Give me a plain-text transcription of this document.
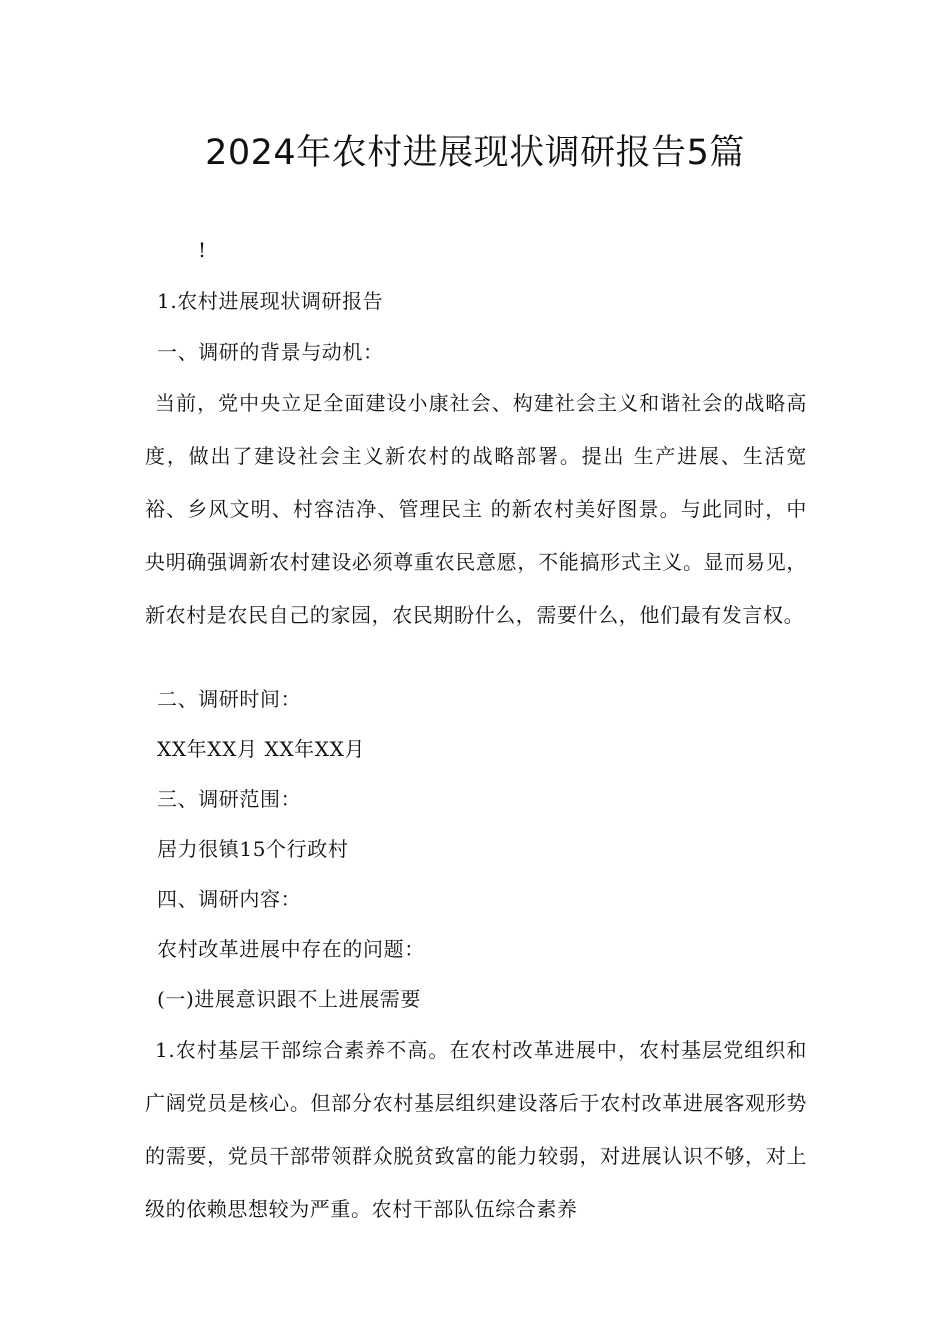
2024年农村进展现状调研报告5篇
!
1.农村进展现状调研报告
一、调研的背景与动机：
当前，党中央立足全面建设小康社会、构建社会主义和谐社会的战略高度，做出了建设社会主义新农村的战略部署。提出 生产进展、生活宽裕、乡风文明、村容洁净、管理民主 的新农村美好图景。与此同时，中央明确强调新农村建设必须尊重农民意愿，不能搞形式主义。显而易见，新农村是农民自己的家园，农民期盼什么，需要什么，他们最有发言权。
二、调研时间：
XX年XX月 XX年XX月
三、调研范围：
居力很镇15个行政村
四、调研内容：
农村改革进展中存在的问题：
(一)进展意识跟不上进展需要
1.农村基层干部综合素养不高。在农村改革进展中，农村基层党组织和广阔党员是核心。但部分农村基层组织建设落后于农村改革进展客观形势的需要，党员干部带领群众脱贫致富的能力较弱，对进展认识不够，对上级的依赖思想较为严重。农村干部队伍综合素养
